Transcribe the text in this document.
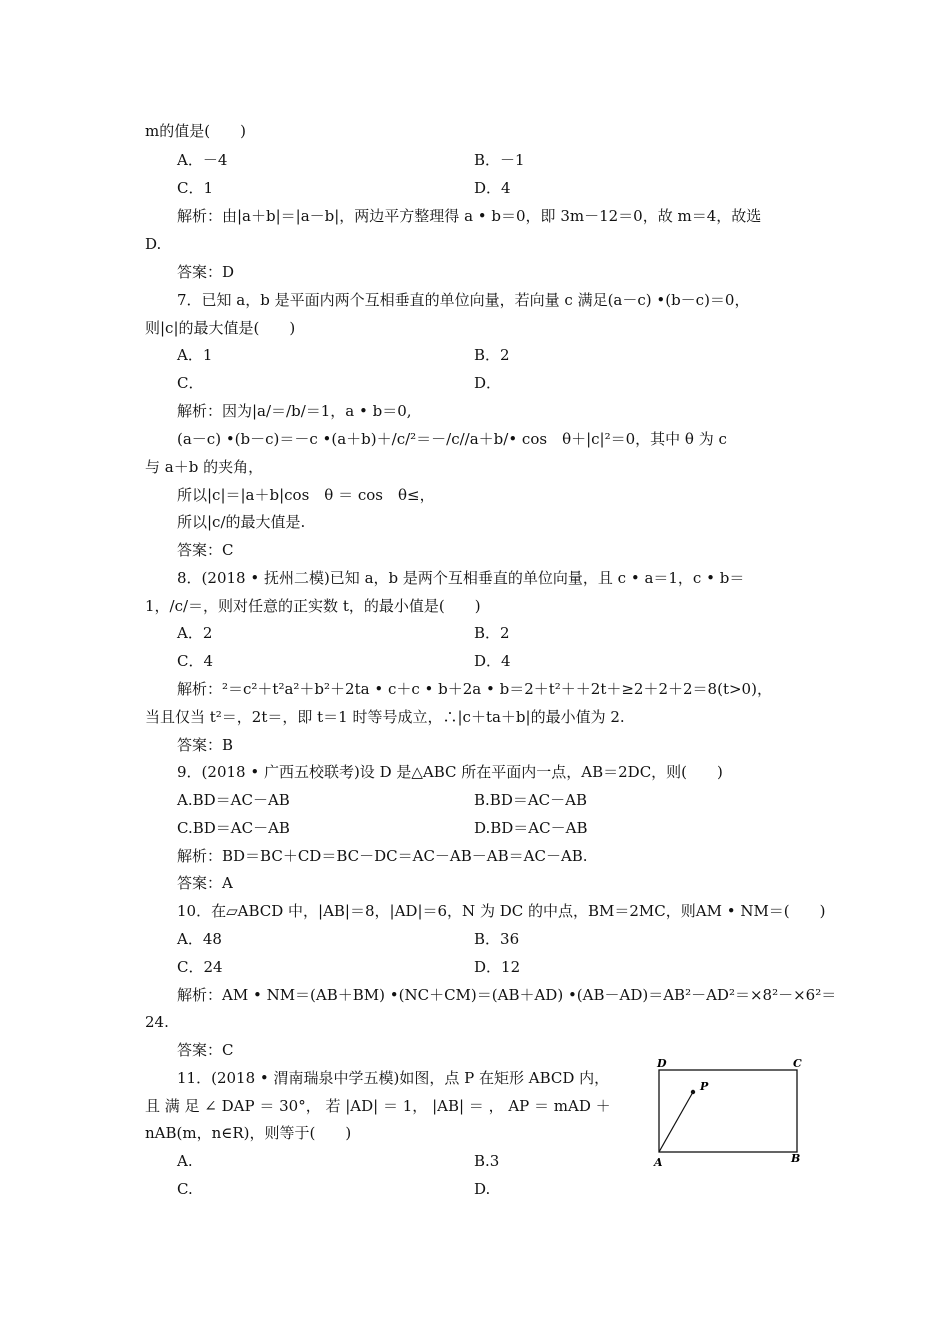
m的值是(　　)
A．－4	B．－1
C．1	D．4
解析：由|a＋b|＝|a－b|，两边平方整理得 a • b＝0，即 3m－12＝0，故 m＝4，故选
D.
答案：D
7．已知 a，b 是平面内两个互相垂直的单位向量，若向量 c 满足(a－c) •(b－c)＝0，
则|c|的最大值是(　　)
A．1	B．2
C．	D．
解析：因为|a/＝/b/＝1，a • b＝0,
(a－c) •(b－c)＝－c •(a＋b)＋/c/²＝－/c//a＋b/• cos　θ＋|c|²＝0，其中 θ 为 c
与 a＋b 的夹角，
所以|c|＝|a＋b|cos　θ ＝ cos　θ≤，
所以|c/的最大值是.
答案：C
8．(2018 • 抚州二模)已知 a，b 是两个互相垂直的单位向量，且 c • a＝1，c • b＝
1，/c/＝，则对任意的正实数 t，的最小值是(　　)
A．2	B．2
C．4	D．4
解析：²＝c²＋t²a²＋b²＋2ta • c＋c • b＋2a • b＝2＋t²＋＋2t＋≥2＋2＋2＝8(t>0)，
当且仅当 t²＝，2t＝，即 t＝1 时等号成立，∴|c＋ta＋b|的最小值为 2.
答案：B
9．(2018 • 广西五校联考)设 D 是△ABC 所在平面内一点，AB＝2DC，则(　　)
A.BD＝AC－AB	B.BD＝AC－AB
C.BD＝AC－AB	D.BD＝AC－AB
解析：BD＝BC＋CD＝BC－DC＝AC－AB－AB＝AC－AB.
答案：A
10．在▱ABCD 中，|AB|＝8，|AD|＝6，N 为 DC 的中点，BM＝2MC，则AM • NM＝(　　)
A．48	B．36
C．24	D．12
解析：AM • NM＝(AB＋BM) •(NC＋CM)＝(AB＋AD) •(AB－AD)＝AB²－AD²＝×8²－×6²＝
24.
答案：C
11．(2018 • 渭南瑞泉中学五模)如图，点 P 在矩形 ABCD 内，
且 满 足 ∠ DAP ＝ 30°， 若 |AD| ＝ 1， |AB| ＝ ， AP ＝ mAD ＋
nAB(m，n∈R)，则等于(　　)
A.	B.3
C.	D.
D	C
P
A	B
